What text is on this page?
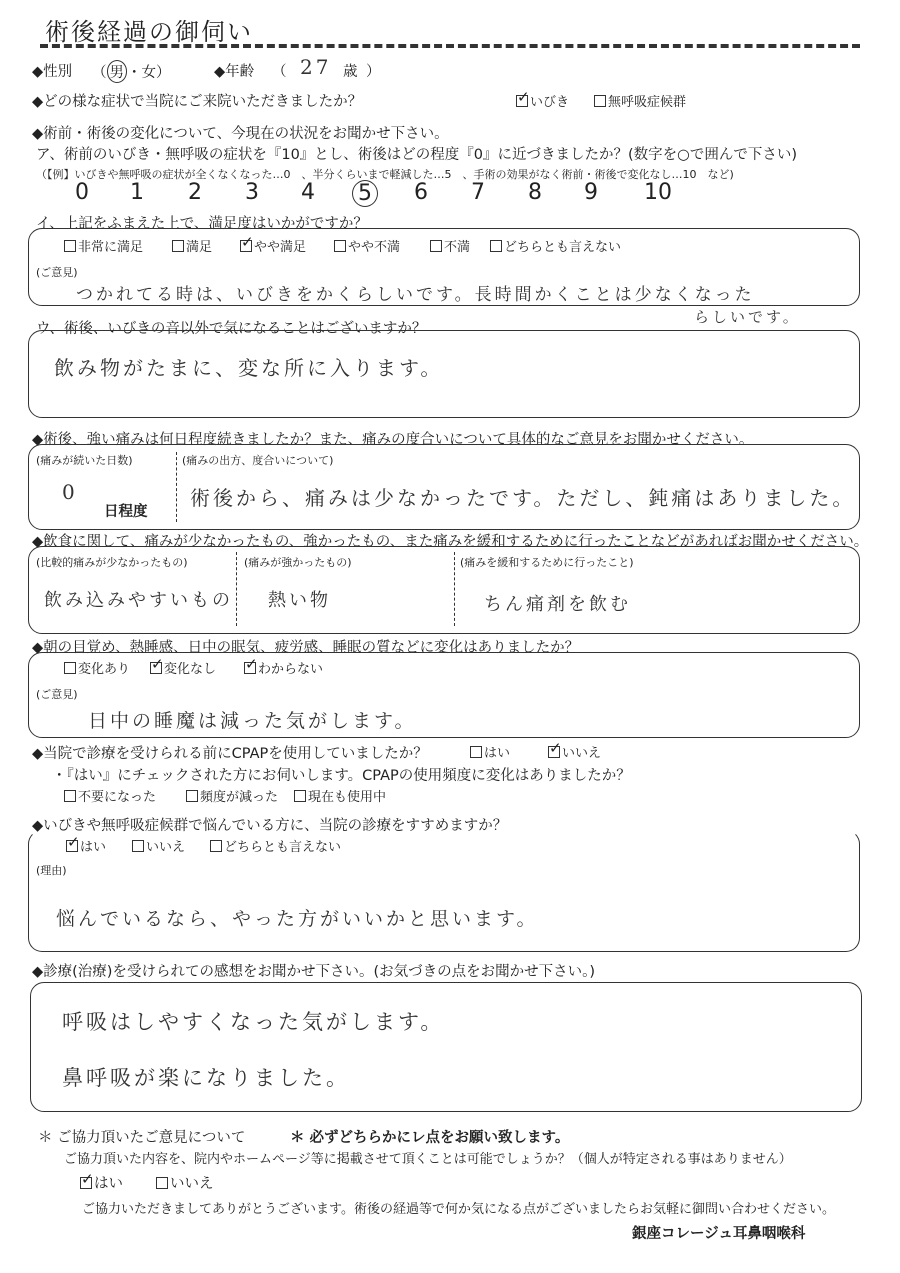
術後経過の御伺い
◆性別 （ 男 ・女）	◆年齢 （ 27 歳 ）
◆どの様な症状で当院にご来院いただきましたか？ ✓	いびき	無呼吸症候群
◆術前・術後の変化について、今現在の状況をお聞かせ下さい。
ア、術前のいびき・無呼吸の症状を『10』とし、術後はどの程度『0』に近づきましたか？(数字を○で囲んで下さい)
（【例】いびきや無呼吸の症状が全くなくなった…0　、半分くらいまで軽減した…5　、手術の効果がなく術前・術後で変化なし…10　など)
0 1 2 3 4 5 6 7 8 9 10
イ、上記をふまえた上で、満足度はいかがですか？
非常に満足	満足 ✓	やや満足	やや不満	不満	どちらとも言えない
(ご意見)
つかれてる時は、いびきをかくらしいです。長時間かくことは少なくなった
らしいです。
ウ、術後、いびきの音以外で気になることはございますか？
飲み物がたまに、変な所に入ります。
◆術後、強い痛みは何日程度続きましたか？また、痛みの度合いについて具体的なご意見をお聞かせください。
(痛みが続いた日数)
0
日程度
(痛みの出方、度合いについて)
術後から、痛みは少なかったです。ただし、鈍痛はありました。
◆飲食に関して、痛みが少なかったもの、強かったもの、また痛みを緩和するために行ったことなどがあればお聞かせください。
(比較的痛みが少なかったもの)
飲み込みやすいもの
(痛みが強かったもの)
熱い物
(痛みを緩和するために行ったこと)
ちん痛剤を飲む
◆朝の目覚め、熱睡感、日中の眠気、疲労感、睡眠の質などに変化はありましたか？
変化あり ✓	変化なし ✓	わからない
(ご意見)
日中の睡魔は減った気がします。
◆当院で診療を受けられる前にCPAPを使用していましたか？	はい ✓	いいえ
・『はい』にチェックされた方にお伺いします。CPAPの使用頻度に変化はありましたか？
不要になった	頻度が減った	現在も使用中
◆いびきや無呼吸症候群で悩んでいる方に、当院の診療をすすめますか？
✓はい	いいえ	どちらとも言えない
(理由)
悩んでいるなら、やった方がいいかと思います。
◆診療(治療)を受けられての感想をお聞かせ下さい。(お気づきの点をお聞かせ下さい。)
呼吸はしやすくなった気がします。
鼻呼吸が楽になりました。
＊ ご協力頂いたご意見について	＊ 必ずどちらかにレ点をお願い致します。
ご協力頂いた内容を、院内やホームページ等に掲載させて頂くことは可能でしょうか？（個人が特定される事はありません）
✓はい	いいえ
ご協力いただきましてありがとうございます。術後の経過等で何か気になる点がございましたらお気軽に御問い合わせください。
銀座コレージュ耳鼻咽喉科
